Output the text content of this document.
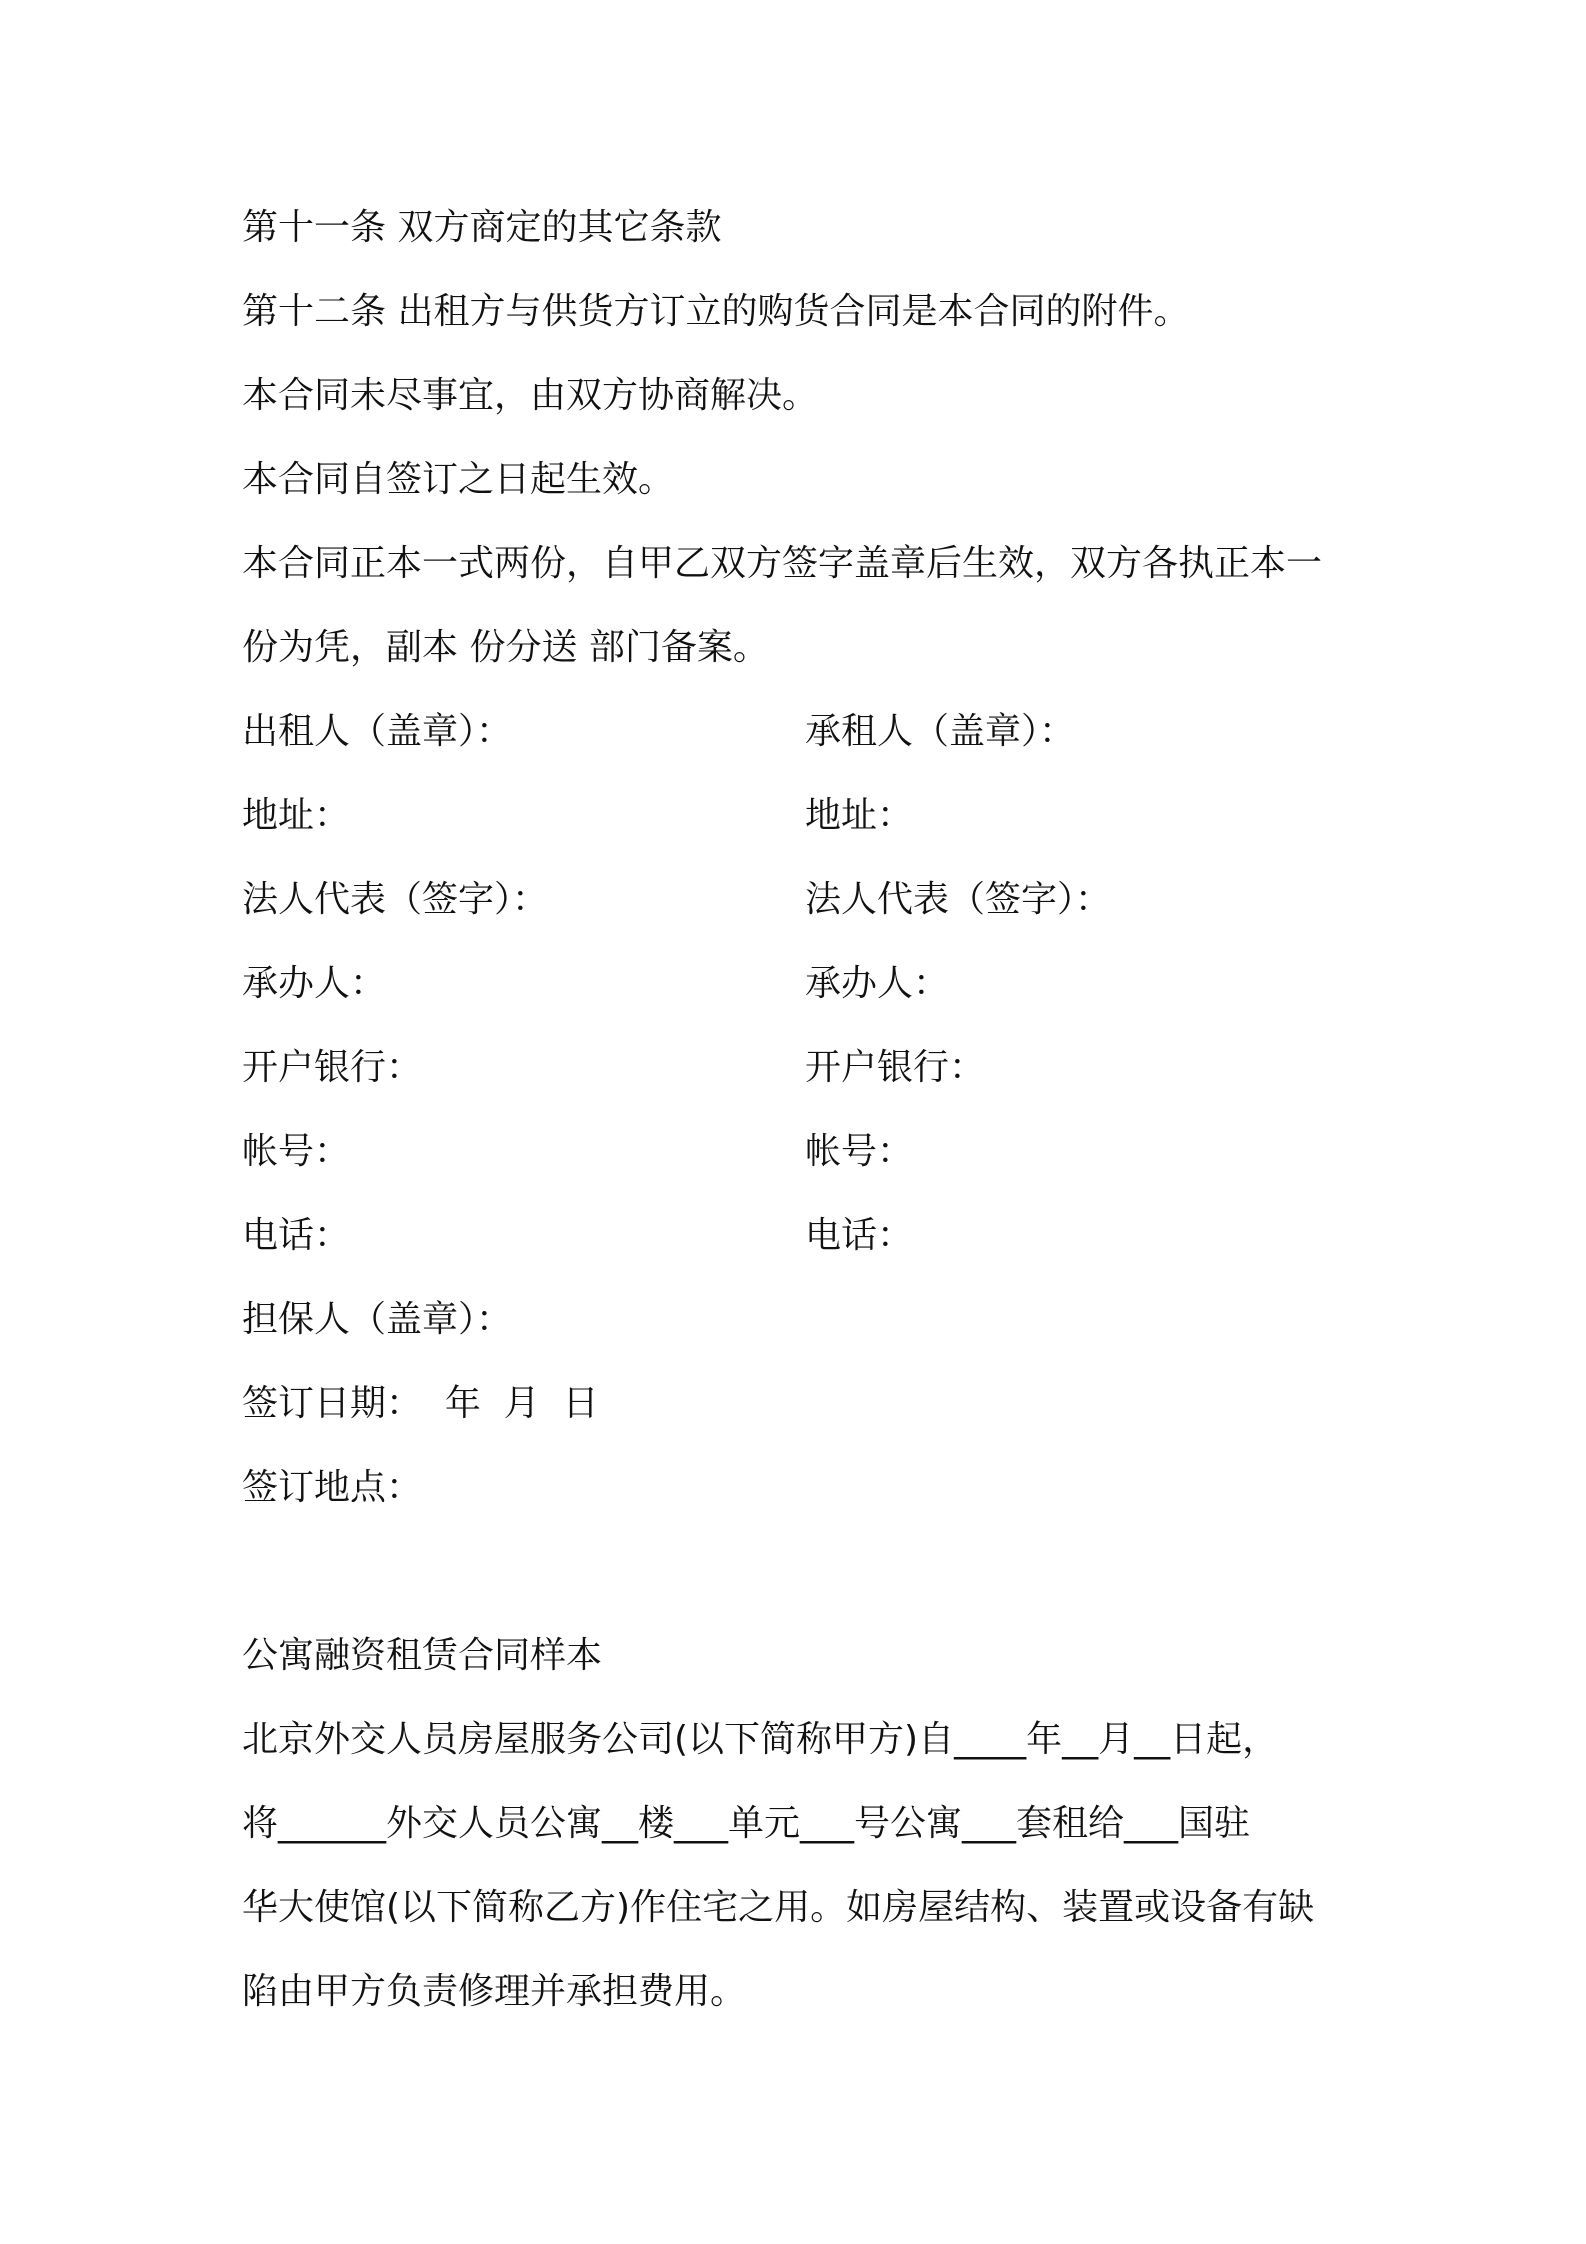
第十一条 双方商定的其它条款
第十二条 出租方与供货方订立的购货合同是本合同的附件。
本合同未尽事宜，由双方协商解决。
本合同自签订之日起生效。
本合同正本一式两份，自甲乙双方签字盖章后生效，双方各执正本一
份为凭，副本 份分送 部门备案。
出租人（盖章）：
地址：
法人代表（签字）：
承办人：
开户银行：
帐号：
电话：
承租人（盖章）：
地址：
法人代表（签字）：
承办人：
开户银行：
帐号：
电话：
担保人（盖章）：
签订日期：  年  月  日
签订地点：
公寓融资租赁合同样本
北京外交人员房屋服务公司(以下简称甲方)自____年__月__日起，
将______外交人员公寓__楼___单元___号公寓___套租给___国驻
华大使馆(以下简称乙方)作住宅之用。如房屋结构、装置或设备有缺
陷由甲方负责修理并承担费用。
